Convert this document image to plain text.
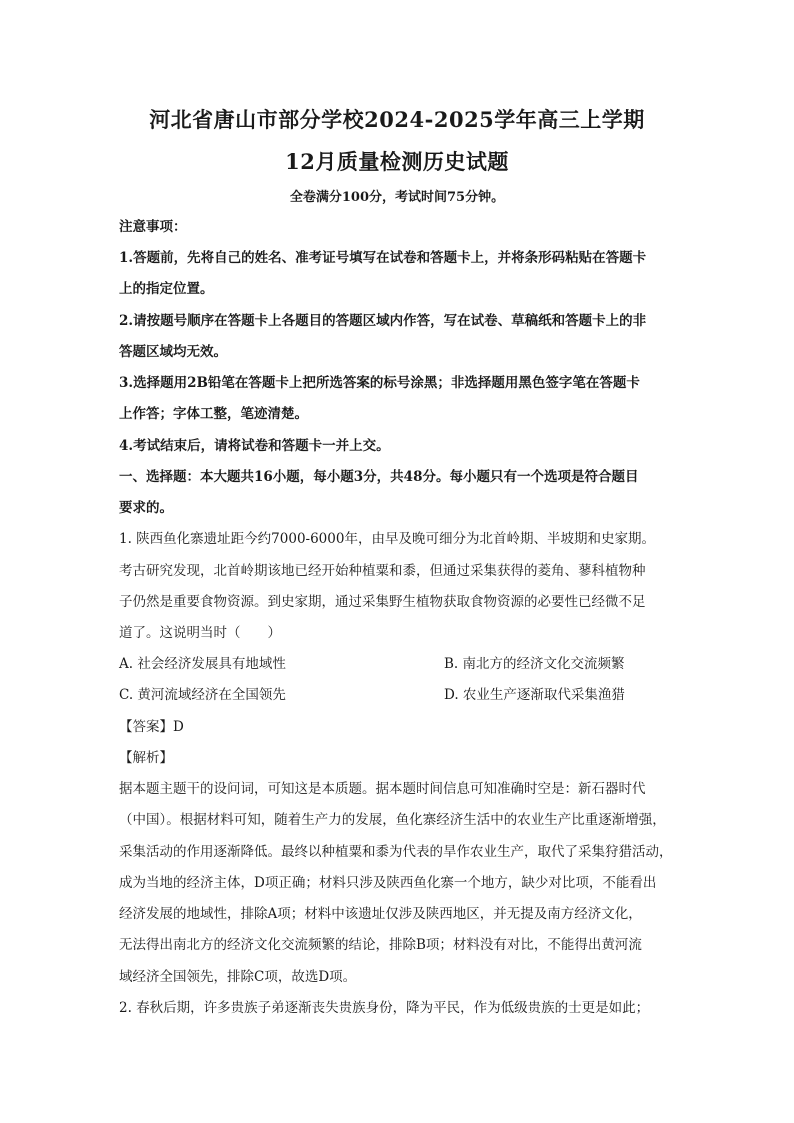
河北省唐山市部分学校2024-2025学年高三上学期
12月质量检测历史试题
全卷满分100分，考试时间75分钟。
注意事项：
1.答题前，先将自己的姓名、准考证号填写在试卷和答题卡上，并将条形码粘贴在答题卡
上的指定位置。
2.请按题号顺序在答题卡上各题目的答题区域内作答，写在试卷、草稿纸和答题卡上的非
答题区域均无效。
3.选择题用2B铅笔在答题卡上把所选答案的标号涂黑；非选择题用黑色签字笔在答题卡
上作答；字体工整，笔迹清楚。
4.考试结束后，请将试卷和答题卡一并上交。
一、选择题：本大题共16小题，每小题3分，共48分。每小题只有一个选项是符合题目
要求的。
1. 陕西鱼化寨遗址距今约7000-6000年，由早及晚可细分为北首岭期、半坡期和史家期。
考古研究发现，北首岭期该地已经开始种植粟和黍，但通过采集获得的菱角、蓼科植物种
子仍然是重要食物资源。到史家期，通过采集野生植物获取食物资源的必要性已经微不足
道了。这说明当时（　　）
A. 社会经济发展具有地域性	B. 南北方的经济文化交流频繁
C. 黄河流域经济在全国领先	D. 农业生产逐渐取代采集渔猎
【答案】D
【解析】
据本题主题干的设问词，可知这是本质题。据本题时间信息可知准确时空是：新石器时代
（中国）。根据材料可知，随着生产力的发展，鱼化寨经济生活中的农业生产比重逐渐增强，
采集活动的作用逐渐降低。最终以种植粟和黍为代表的旱作农业生产，取代了采集狩猎活动，
成为当地的经济主体，D项正确；材料只涉及陕西鱼化寨一个地方，缺少对比项，不能看出
经济发展的地域性，排除A项；材料中该遗址仅涉及陕西地区，并无提及南方经济文化，
无法得出南北方的经济文化交流频繁的结论，排除B项；材料没有对比，不能得出黄河流
域经济全国领先，排除C项，故选D项。
2. 春秋后期，许多贵族子弟逐渐丧失贵族身份，降为平民，作为低级贵族的士更是如此；
